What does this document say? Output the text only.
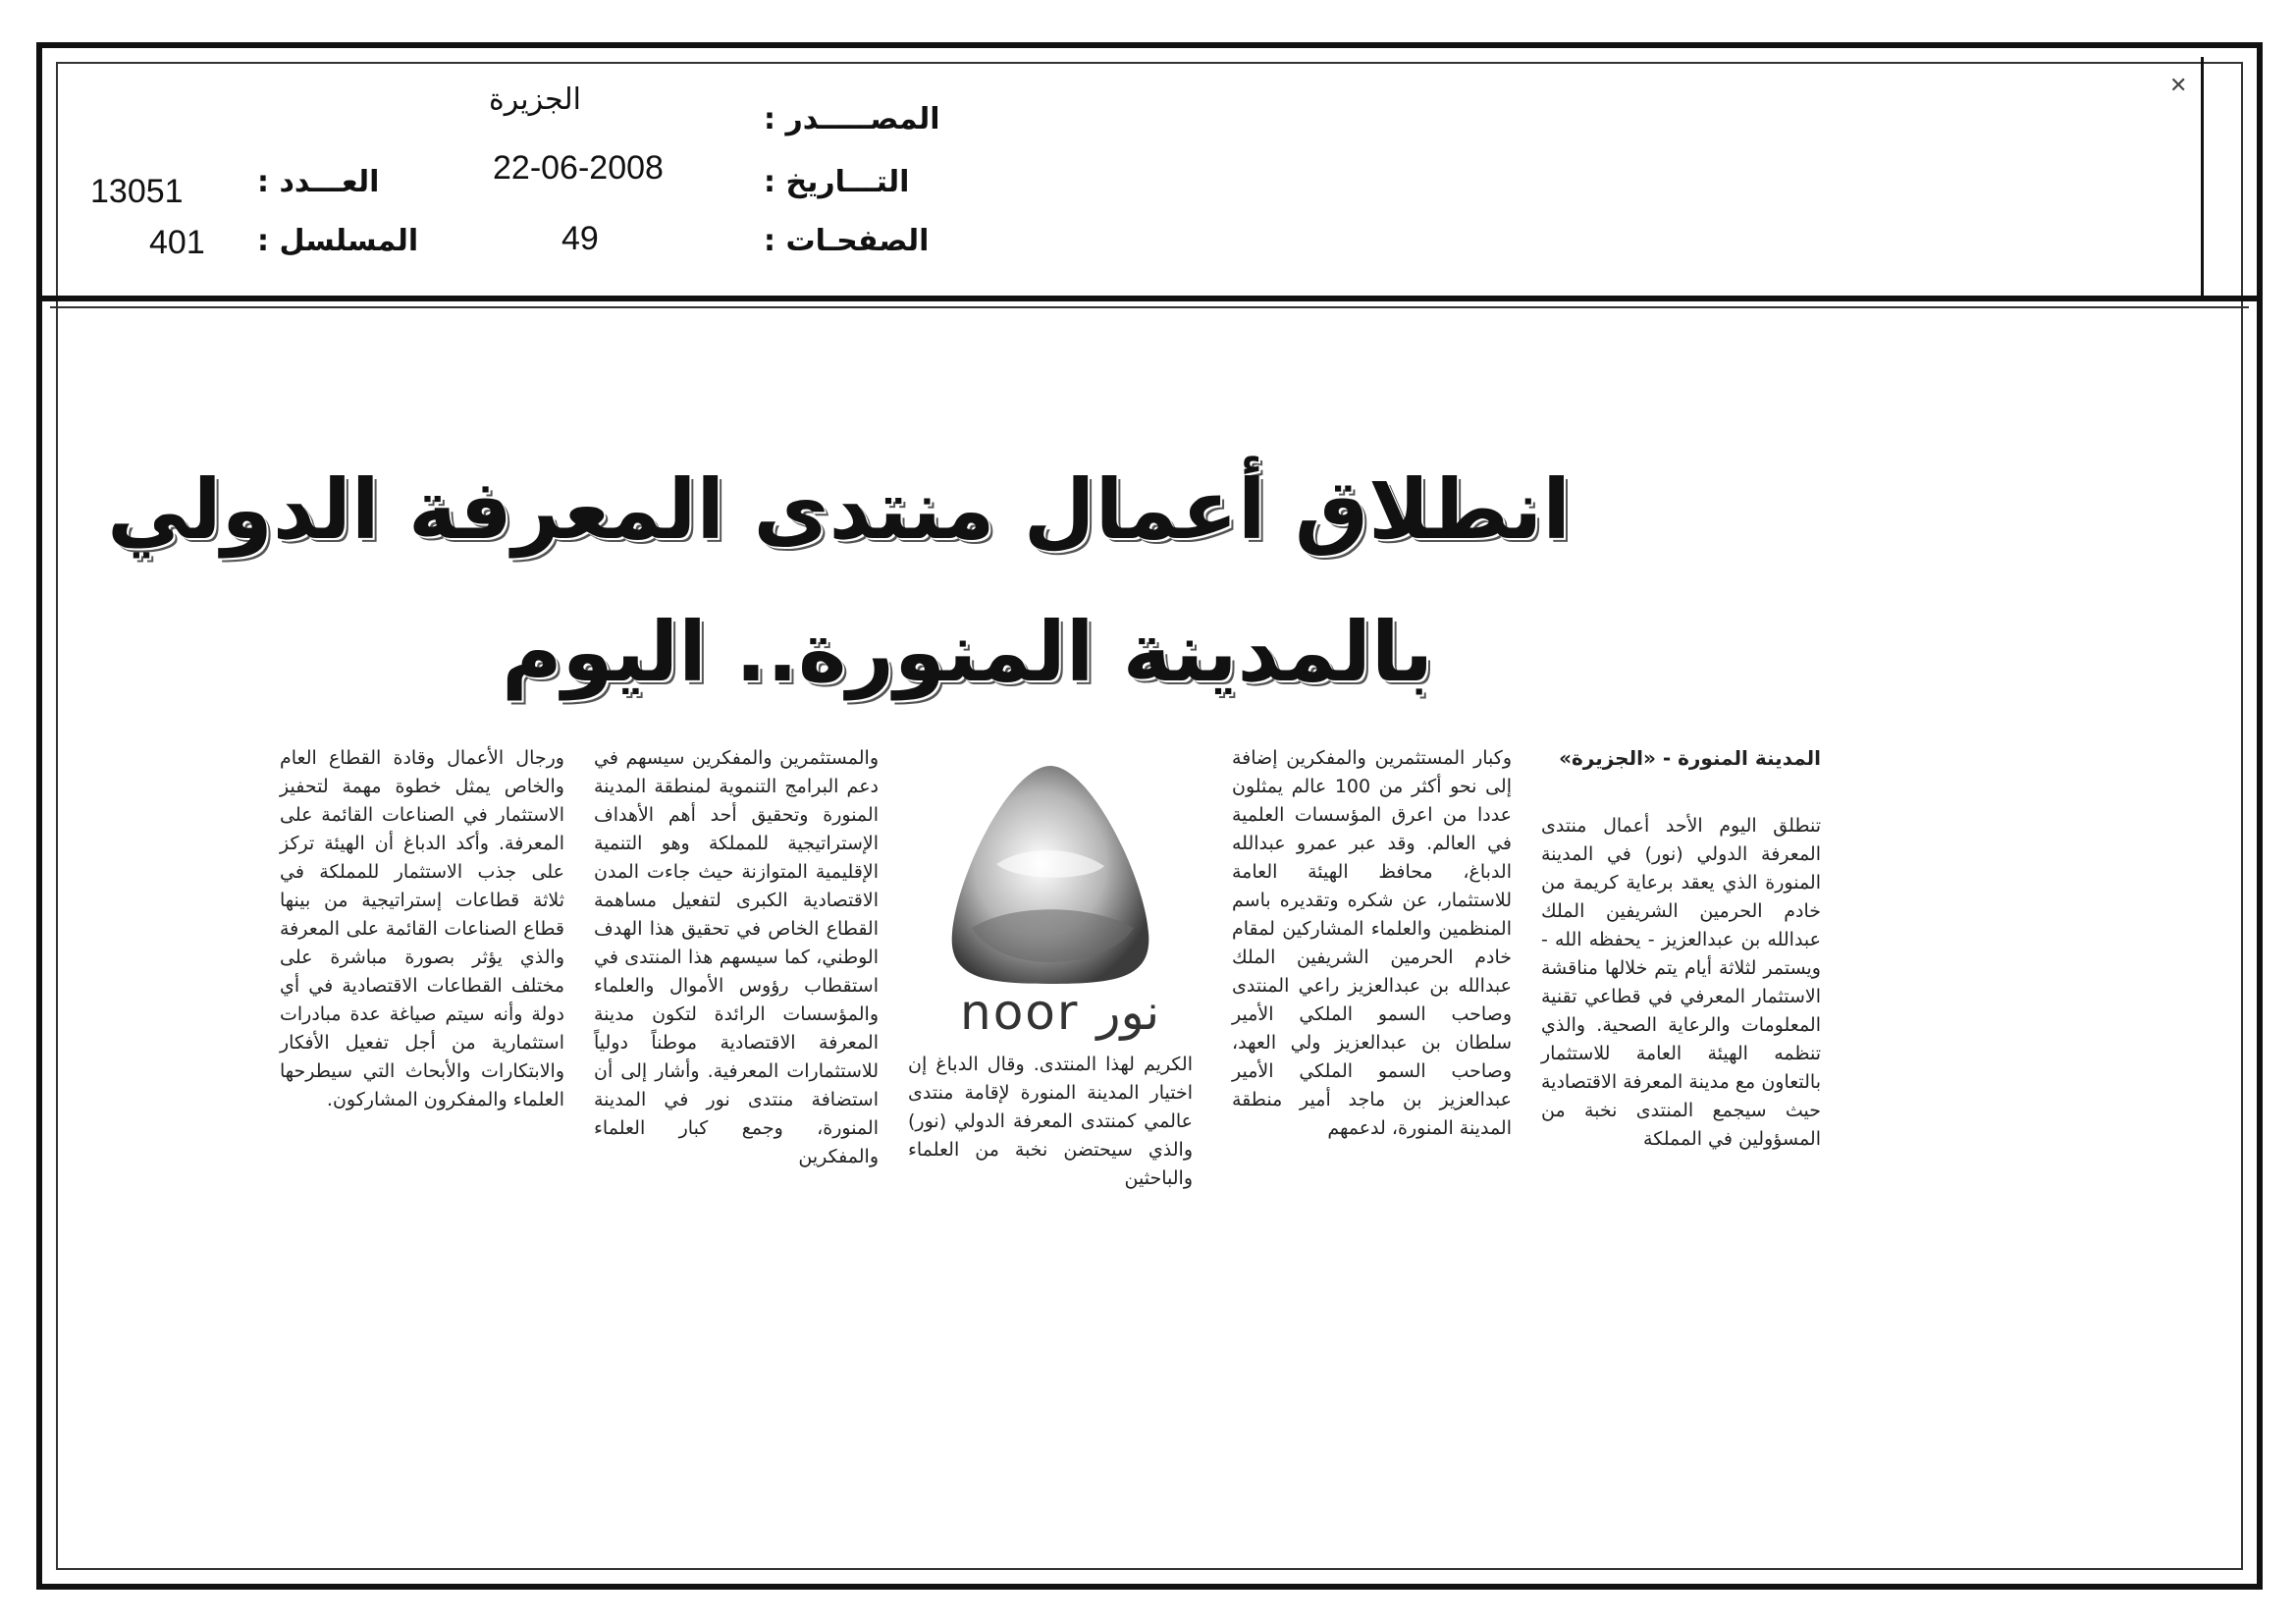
✕
المصـــــدر :
الجزيرة
التـــاريخ :
22-06-2008
الصفحـات :
49
العـــدد :
13051
المسلسل :
401
انطلاق أعمال منتدى المعرفة الدولي
بالمدينة المنورة.. اليوم

المدينة المنورة - «الجزيرة»

تنطلق اليوم الأحد أعمال منتدى المعرفة الدولي (نور) في المدينة المنورة الذي يعقد برعاية كريمة من خادم الحرمين الشريفين الملك عبدالله بن عبدالعزيز - يحفظه الله - ويستمر لثلاثة أيام يتم خلالها مناقشة الاستثمار المعرفي في قطاعي تقنية المعلومات والرعاية الصحية. والذي تنظمه الهيئة العامة للاستثمار بالتعاون مع مدينة المعرفة الاقتصادية حيث سيجمع المنتدى نخبة من المسؤولين في المملكة

وكبار المستثمرين والمفكرين إضافة إلى نحو أكثر من 100 عالم يمثلون عددا من اعرق المؤسسات العلمية في العالم. وقد عبر عمرو عبدالله الدباغ، محافظ الهيئة العامة للاستثمار، عن شكره وتقديره باسم المنظمين والعلماء المشاركين لمقام خادم الحرمين الشريفين الملك عبدالله بن عبدالعزيز راعي المنتدى وصاحب السمو الملكي الأمير سلطان بن عبدالعزيز ولي العهد، وصاحب السمو الملكي الأمير عبدالعزيز بن ماجد أمير منطقة المدينة المنورة، لدعمهم

الكريم لهذا المنتدى. وقال الدباغ إن اختيار المدينة المنورة لإقامة منتدى عالمي كمنتدى المعرفة الدولي (نور) والذي سيحتضن نخبة من العلماء والباحثين

والمستثمرين والمفكرين سيسهم في دعم البرامج التنموية لمنطقة المدينة المنورة وتحقيق أحد أهم الأهداف الإستراتيجية للمملكة وهو التنمية الإقليمية المتوازنة حيث جاءت المدن الاقتصادية الكبرى لتفعيل مساهمة القطاع الخاص في تحقيق هذا الهدف الوطني، كما سيسهم هذا المنتدى في استقطاب رؤوس الأموال والعلماء والمؤسسات الرائدة لتكون مدينة المعرفة الاقتصادية موطناً دولياً للاستثمارات المعرفية. وأشار إلى أن استضافة منتدى نور في المدينة المنورة، وجمع كبار العلماء والمفكرين

ورجال الأعمال وقادة القطاع العام والخاص يمثل خطوة مهمة لتحفيز الاستثمار في الصناعات القائمة على المعرفة. وأكد الدباغ أن الهيئة تركز على جذب الاستثمار للمملكة في ثلاثة قطاعات إستراتيجية من بينها قطاع الصناعات القائمة على المعرفة والذي يؤثر بصورة مباشرة على مختلف القطاعات الاقتصادية في أي دولة وأنه سيتم صياغة عدة مبادرات استثمارية من أجل تفعيل الأفكار والابتكارات والأبحاث التي سيطرحها العلماء والمفكرون المشاركون.

noor نور
